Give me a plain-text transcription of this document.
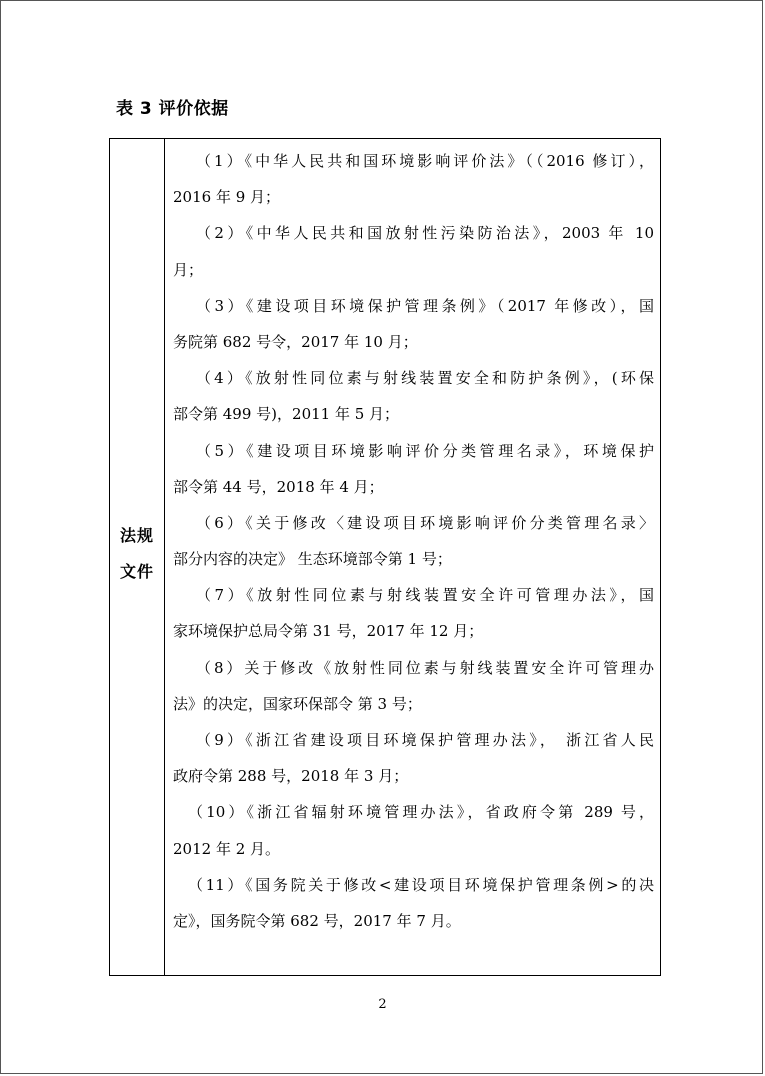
表 3 评价依据
法规
文件
（1）《中华人民共和国环境影响评价法》（（2016 修订），
2016 年 9 月；
（2）《中华人民共和国放射性污染防治法》，2003 年 10
月；
（3）《建设项目环境保护管理条例》（2017 年修改），国
务院第 682 号令，2017 年 10 月；
（4）《放射性同位素与射线装置安全和防护条例》，(环保
部令第 499 号)，2011 年 5 月；
（5）《建设项目环境影响评价分类管理名录》，环境保护
部令第 44 号，2018 年 4 月；
（6）《关于修改〈建设项目环境影响评价分类管理名录〉
部分内容的决定》 生态环境部令第 1 号；
（7）《放射性同位素与射线装置安全许可管理办法》，国
家环境保护总局令第 31 号，2017 年 12 月；
（8）关于修改《放射性同位素与射线装置安全许可管理办
法》的决定，国家环保部令 第 3 号；
（9）《浙江省建设项目环境保护管理办法》， 浙江省人民
政府令第 288 号，2018 年 3 月；
（10）《浙江省辐射环境管理办法》，省政府令第 289 号，
2012 年 2 月。
（11）《国务院关于修改<建设项目环境保护管理条例>的决
定》，国务院令第 682 号，2017 年 7 月。
2
